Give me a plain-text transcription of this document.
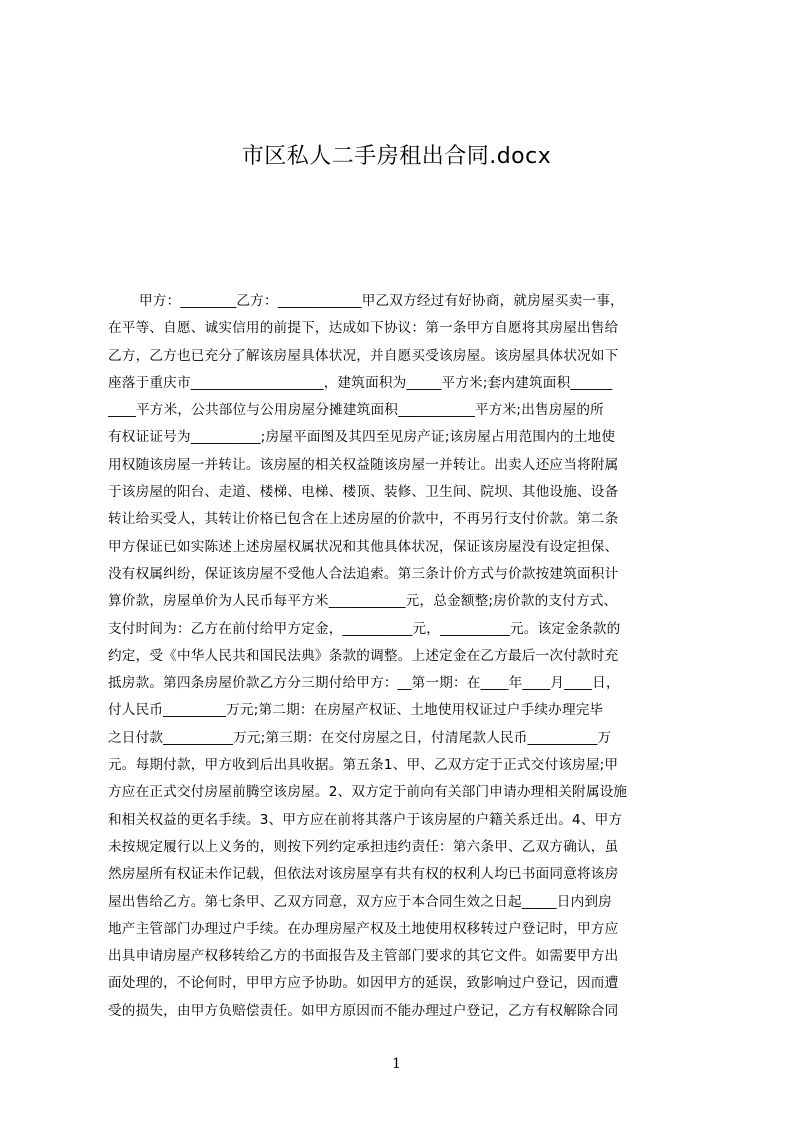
市区私人二手房租出合同.docx
甲方：________乙方：____________甲乙双方经过有好协商，就房屋买卖一事，
在平等、自愿、诚实信用的前提下，达成如下协议：第一条甲方自愿将其房屋出售给
乙方，乙方也已充分了解该房屋具体状况，并自愿买受该房屋。该房屋具体状况如下
座落于重庆市___________________，建筑面积为_____平方米;套内建筑面积______
____平方米，公共部位与公用房屋分摊建筑面积___________平方米;出售房屋的所
有权证证号为__________;房屋平面图及其四至见房产证;该房屋占用范围内的土地使
用权随该房屋一并转让。该房屋的相关权益随该房屋一并转让。出卖人还应当将附属
于该房屋的阳台、走道、楼梯、电梯、楼顶、装修、卫生间、院坝、其他设施、设备
转让给买受人，其转让价格已包含在上述房屋的价款中，不再另行支付价款。第二条
甲方保证已如实陈述上述房屋权属状况和其他具体状况，保证该房屋没有设定担保、
没有权属纠纷，保证该房屋不受他人合法追索。第三条计价方式与价款按建筑面积计
算价款，房屋单价为人民币每平方米___________元，总金额整;房价款的支付方式、
支付时间为：乙方在前付给甲方定金，__________元，__________元。该定金条款的
约定，受《中华人民共和国民法典》条款的调整。上述定金在乙方最后一次付款时充
抵房款。第四条房屋价款乙方分三期付给甲方：__第一期：在____年____月____日，
付人民币_________万元;第二期：在房屋产权证、土地使用权证过户手续办理完毕
之日付款__________万元;第三期：在交付房屋之日，付清尾款人民币__________万
元。每期付款，甲方收到后出具收据。第五条1、甲、乙双方定于正式交付该房屋;甲
方应在正式交付房屋前腾空该房屋。2、双方定于前向有关部门申请办理相关附属设施
和相关权益的更名手续。3、甲方应在前将其落户于该房屋的户籍关系迁出。4、甲方
未按规定履行以上义务的，则按下列约定承担违约责任：第六条甲、乙双方确认，虽
然房屋所有权证未作记载，但依法对该房屋享有共有权的权利人均已书面同意将该房
屋出售给乙方。第七条甲、乙双方同意，双方应于本合同生效之日起_____日内到房
地产主管部门办理过户手续。在办理房屋产权及土地使用权移转过户登记时，甲方应
出具申请房屋产权移转给乙方的书面报告及主管部门要求的其它文件。如需要甲方出
面处理的，不论何时，甲甲方应予协助。如因甲方的延误，致影响过户登记，因而遭
受的损失，由甲方负赔偿责任。如甲方原因而不能办理过户登记，乙方有权解除合同
1
